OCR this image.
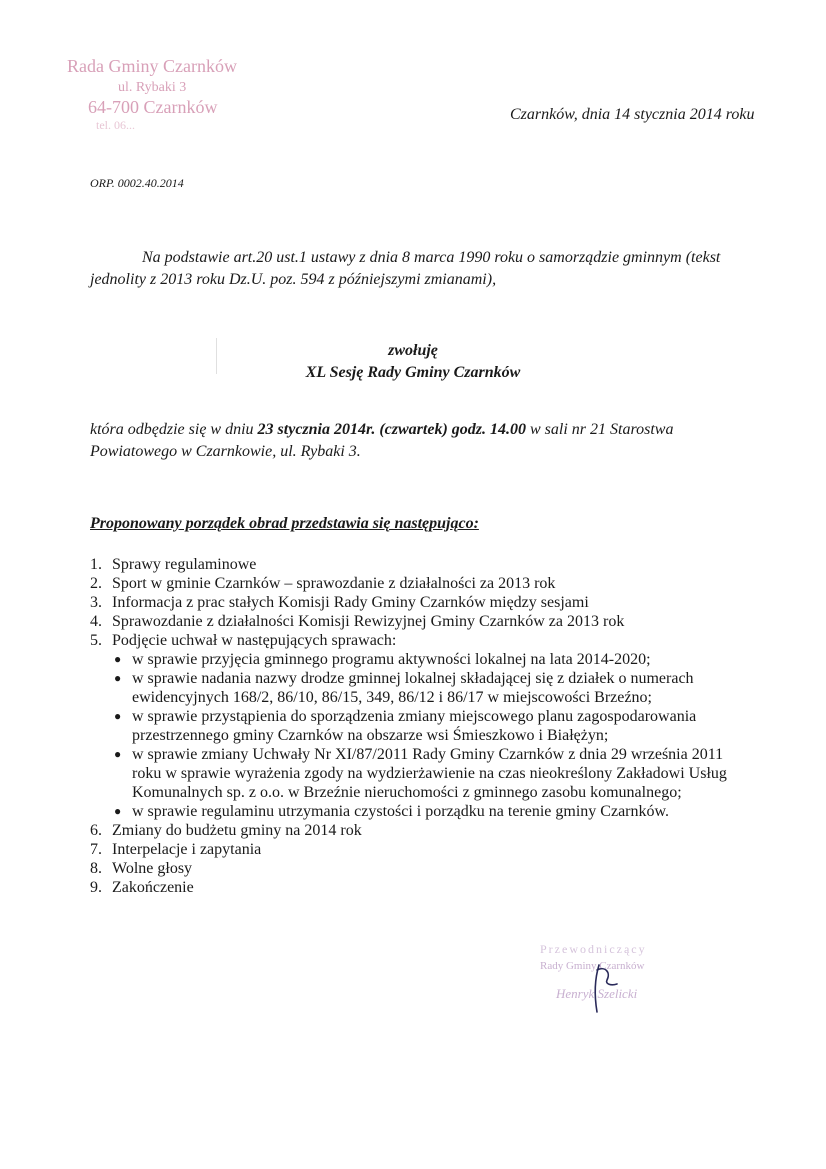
Rada Gminy Czarnków
ul. Rybaki 3
64-700 Czarnków
tel. 06...
Czarnków, dnia 14 stycznia 2014 roku
ORP. 0002.40.2014
Na podstawie art.20 ust.1 ustawy z dnia 8 marca 1990 roku o samorządzie gminnym (tekst
jednolity z 2013 roku Dz.U. poz. 594 z późniejszymi zmianami),
zwołuję
XL Sesję Rady Gminy Czarnków
która odbędzie się w dniu 23 stycznia 2014r. (czwartek) godz. 14.00 w sali nr 21 Starostwa
Powiatowego w Czarnkowie, ul. Rybaki 3.
Proponowany porządek obrad przedstawia się następująco:
1. Sprawy regulaminowe
2. Sport w gminie Czarnków – sprawozdanie z działalności za 2013 rok
3. Informacja z prac stałych Komisji Rady Gminy Czarnków między sesjami
4. Sprawozdanie z działalności Komisji Rewizyjnej Gminy Czarnków za 2013 rok
5. Podjęcie uchwał w następujących sprawach:
● w sprawie przyjęcia gminnego programu aktywności lokalnej na lata 2014-2020;
● w sprawie nadania nazwy drodze gminnej lokalnej składającej się z działek o numerach
ewidencyjnych 168/2, 86/10, 86/15, 349, 86/12 i 86/17 w miejscowości Brzeźno;
● w sprawie przystąpienia do sporządzenia zmiany miejscowego planu zagospodarowania
przestrzennego gminy Czarnków na obszarze wsi Śmieszkowo i Białężyn;
● w sprawie zmiany Uchwały Nr XI/87/2011 Rady Gminy Czarnków z dnia 29 września 2011
roku w sprawie wyrażenia zgody na wydzierżawienie na czas nieokreślony Zakładowi Usług
Komunalnych sp. z o.o. w Brzeźnie nieruchomości z gminnego zasobu komunalnego;
● w sprawie regulaminu utrzymania czystości i porządku na terenie gminy Czarnków.
6. Zmiany do budżetu gminy na 2014 rok
7. Interpelacje i zapytania
8. Wolne głosy
9. Zakończenie
Przewodniczący
Rady Gminy Czarnków
Henryk Szelicki
